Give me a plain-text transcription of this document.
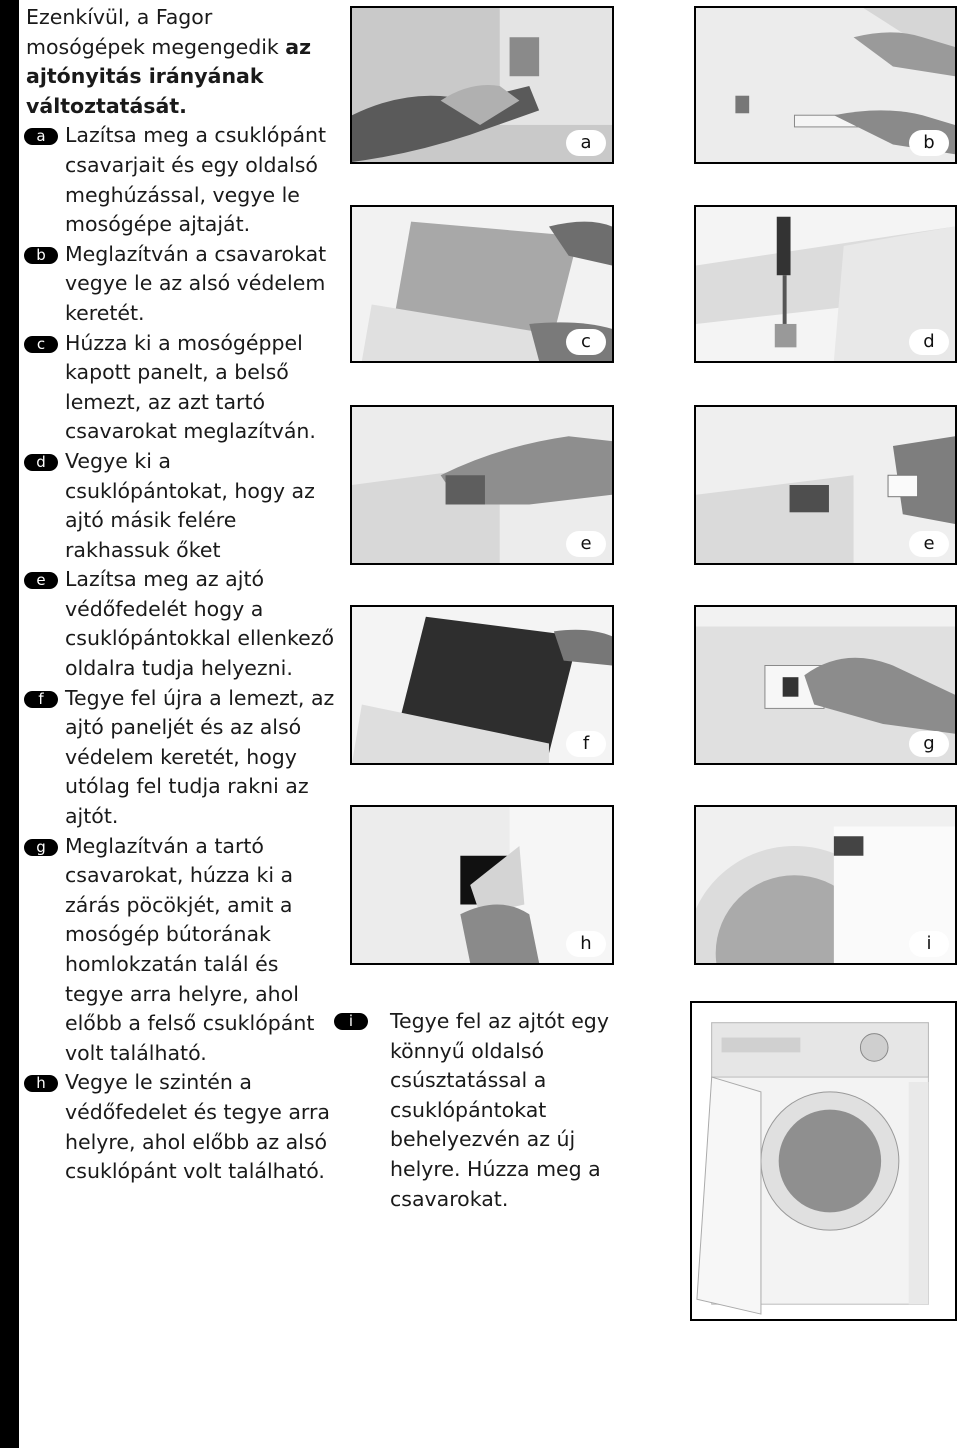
Ezenkívül, a Fagor mosógépek megengedik az ajtónyitás irányának változtatását.

a Lazítsa meg a csuklópánt csavarjait és egy oldalsó meghúzással, vegye le mosógépe ajtaját.
b Meglazítván a csavarokat vegye le az alsó védelem keretét.
c Húzza ki a mosógéppel kapott panelt, a belső lemezt, az azt tartó csavarokat meglazítván.
d Vegye ki a csuklópántokat, hogy az ajtó másik felére rakhassuk őket
e Lazítsa meg az ajtó védőfedelét hogy a csuklópántokkal ellenkező oldalra tudja helyezni.
f	Tegye fel újra a lemezt, az ajtó paneljét és az alsó védelem keretét, hogy utólag fel tudja rakni az ajtót.
g Meglazítván a tartó csavarokat, húzza ki a zárás pöcökjét, amit a mosógép bútorának homlokzatán talál és tegye arra helyre, ahol előbb a felső csuklópánt volt található.
h Vegye le szintén a védőfedelet és tegye arra helyre, ahol előbb az alsó csuklópánt volt található.
a	b
c	d
e	e
f	g
h	i
i	Tegye fel az ajtót egy könnyű oldalsó csúsztatással a csuklópántokat behelyezvén az új helyre. Húzza meg a csavarokat.
